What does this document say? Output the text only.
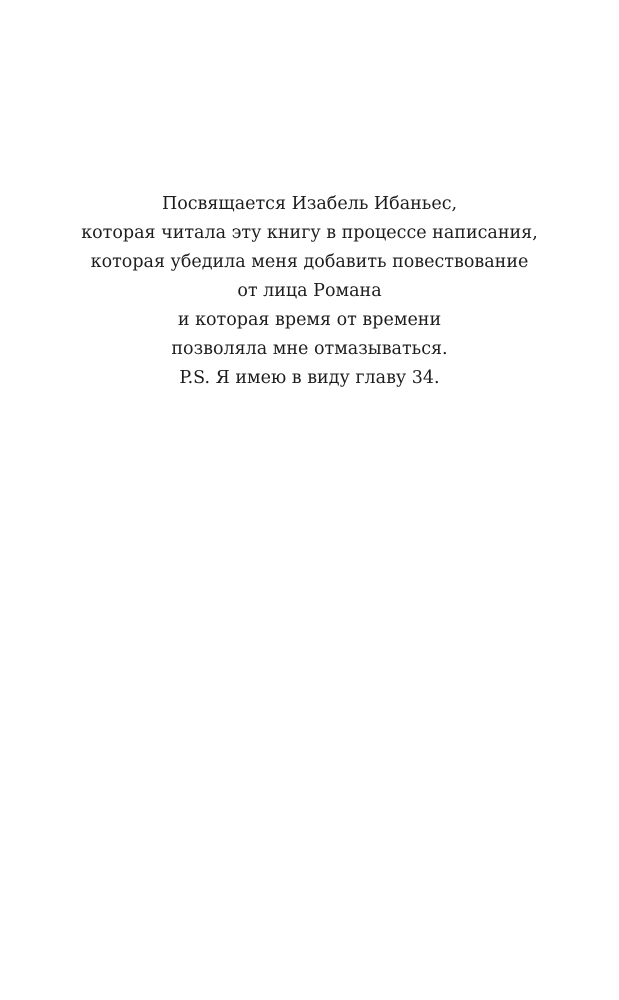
Посвящается Изабель Ибаньес,
которая читала эту книгу в процессе написания,
которая убедила меня добавить повествование
от лица Романа
и которая время от времени
позволяла мне отмазываться.
P.S. Я имею в виду главу 34.
